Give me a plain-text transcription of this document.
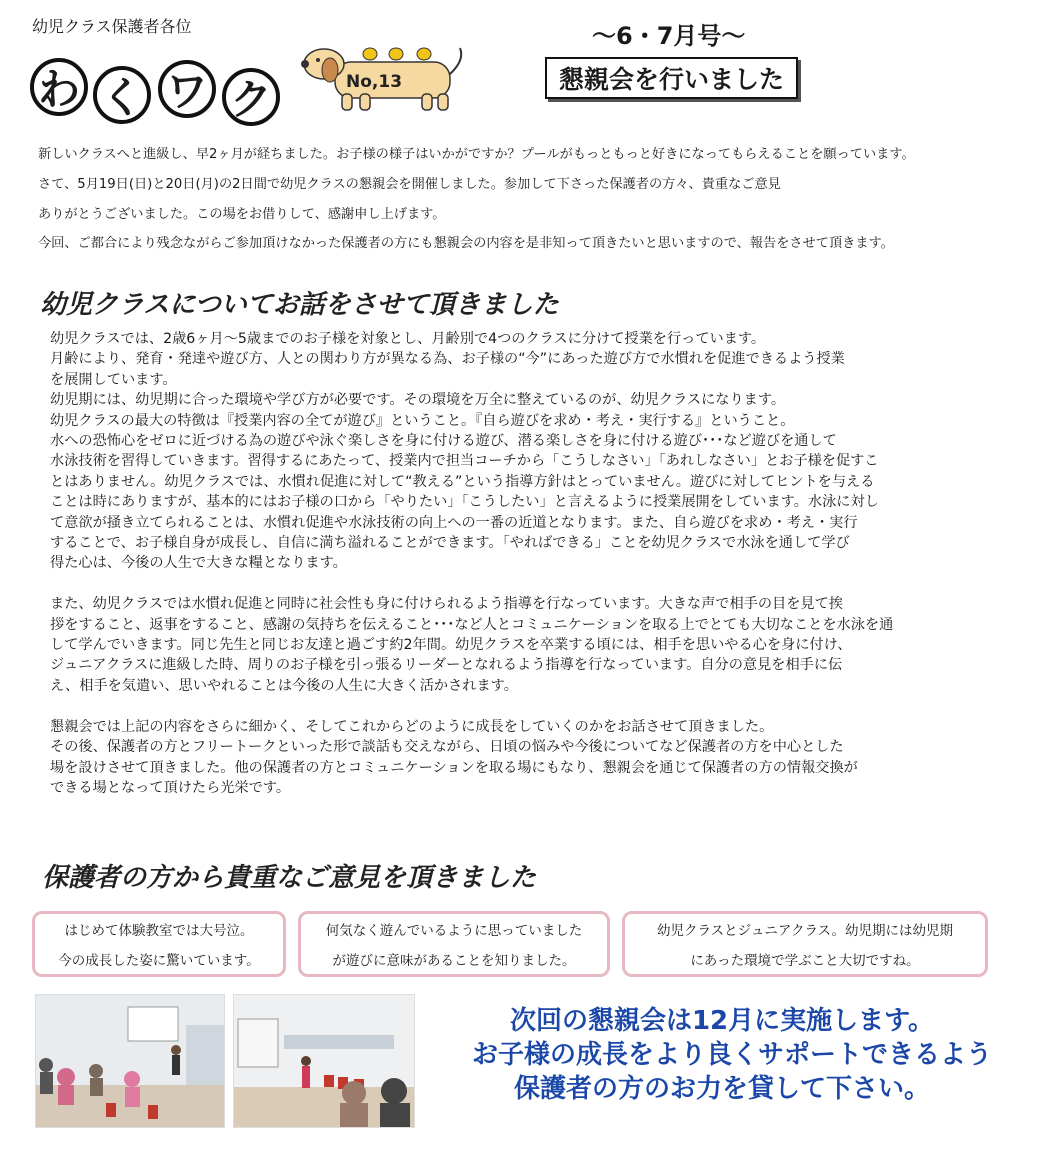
幼児クラス保護者各位
わ く ワ ク	No,13
～6・7月号～
懇親会を行いました

新しいクラスへと進級し、早2ヶ月が経ちました。お子様の様子はいかがですか？プールがもっともっと好きになってもらえることを願っています。

さて、5月19日(日)と20日(月)の2日間で幼児クラスの懇親会を開催しました。参加して下さった保護者の方々、貴重なご意見

ありがとうございました。この場をお借りして、感謝申し上げます。

今回、ご都合により残念ながらご参加頂けなかった保護者の方にも懇親会の内容を是非知って頂きたいと思いますので、報告をさせて頂きます。

幼児クラスについてお話をさせて頂きました

幼児クラスでは、2歳6ヶ月～5歳までのお子様を対象とし、月齢別で4つのクラスに分けて授業を行っています。

月齢により、発育・発達や遊び方、人との関わり方が異なる為、お子様の“今”にあった遊び方で水慣れを促進できるよう授業

を展開しています。

幼児期には、幼児期に合った環境や学び方が必要です。その環境を万全に整えているのが、幼児クラスになります。

幼児クラスの最大の特徴は『授業内容の全てが遊び』ということ。『自ら遊びを求め・考え・実行する』ということ。

水への恐怖心をゼロに近づける為の遊びや泳ぐ楽しさを身に付ける遊び、潜る楽しさを身に付ける遊び･･･など遊びを通して

水泳技術を習得していきます。習得するにあたって、授業内で担当コーチから「こうしなさい」「あれしなさい」とお子様を促すこ

とはありません。幼児クラスでは、水慣れ促進に対して“教える”という指導方針はとっていません。遊びに対してヒントを与える

ことは時にありますが、基本的にはお子様の口から「やりたい」「こうしたい」と言えるように授業展開をしています。水泳に対し

て意欲が掻き立てられることは、水慣れ促進や水泳技術の向上への一番の近道となります。また、自ら遊びを求め・考え・実行

することで、お子様自身が成長し、自信に満ち溢れることができます。「やればできる」ことを幼児クラスで水泳を通して学び

得た心は、今後の人生で大きな糧となります。

また、幼児クラスでは水慣れ促進と同時に社会性も身に付けられるよう指導を行なっています。大きな声で相手の目を見て挨

拶をすること、返事をすること、感謝の気持ちを伝えること･･･など人とコミュニケーションを取る上でとても大切なことを水泳を通

して学んでいきます。同じ先生と同じお友達と過ごす約2年間。幼児クラスを卒業する頃には、相手を思いやる心を身に付け、

ジュニアクラスに進級した時、周りのお子様を引っ張るリーダーとなれるよう指導を行なっています。自分の意見を相手に伝

え、相手を気遣い、思いやれることは今後の人生に大きく活かされます。

懇親会では上記の内容をさらに細かく、そしてこれからどのように成長をしていくのかをお話させて頂きました。

その後、保護者の方とフリートークといった形で談話も交えながら、日頃の悩みや今後についてなど保護者の方を中心とした

場を設けさせて頂きました。他の保護者の方とコミュニケーションを取る場にもなり、懇親会を通じて保護者の方の情報交換が

できる場となって頂けたら光栄です。

保護者の方から貴重なご意見を頂きました

はじめて体験教室では大号泣。

今の成長した姿に驚いています。

何気なく遊んでいるように思っていました

が遊びに意味があることを知りました。

幼児クラスとジュニアクラス。幼児期には幼児期

にあった環境で学ぶこと大切ですね。

次回の懇親会は12月に実施します。

お子様の成長をより良くサポートできるよう

保護者の方のお力を貸して下さい。
